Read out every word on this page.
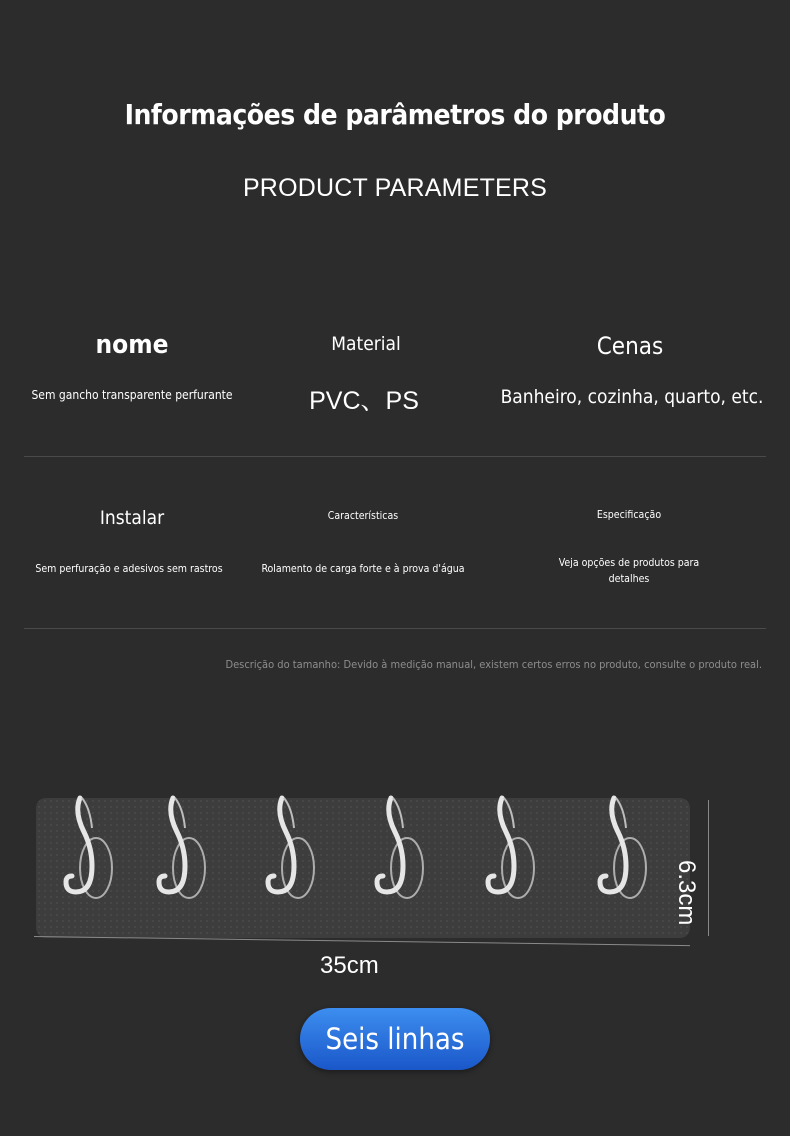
Informações de parâmetros do produto
PRODUCT PARAMETERS
nome
Sem gancho transparente perfurante
Material
PVC、PS
Cenas
Banheiro, cozinha, quarto, etc.
Instalar
Sem perfuração e adesivos sem rastros
Características
Rolamento de carga forte e à prova d'água
Especificação
Veja opções de produtos para
detalhes
Descrição do tamanho: Devido à medição manual, existem certos erros no produto, consulte o produto real.
35cm
6.3cm
Seis linhas
